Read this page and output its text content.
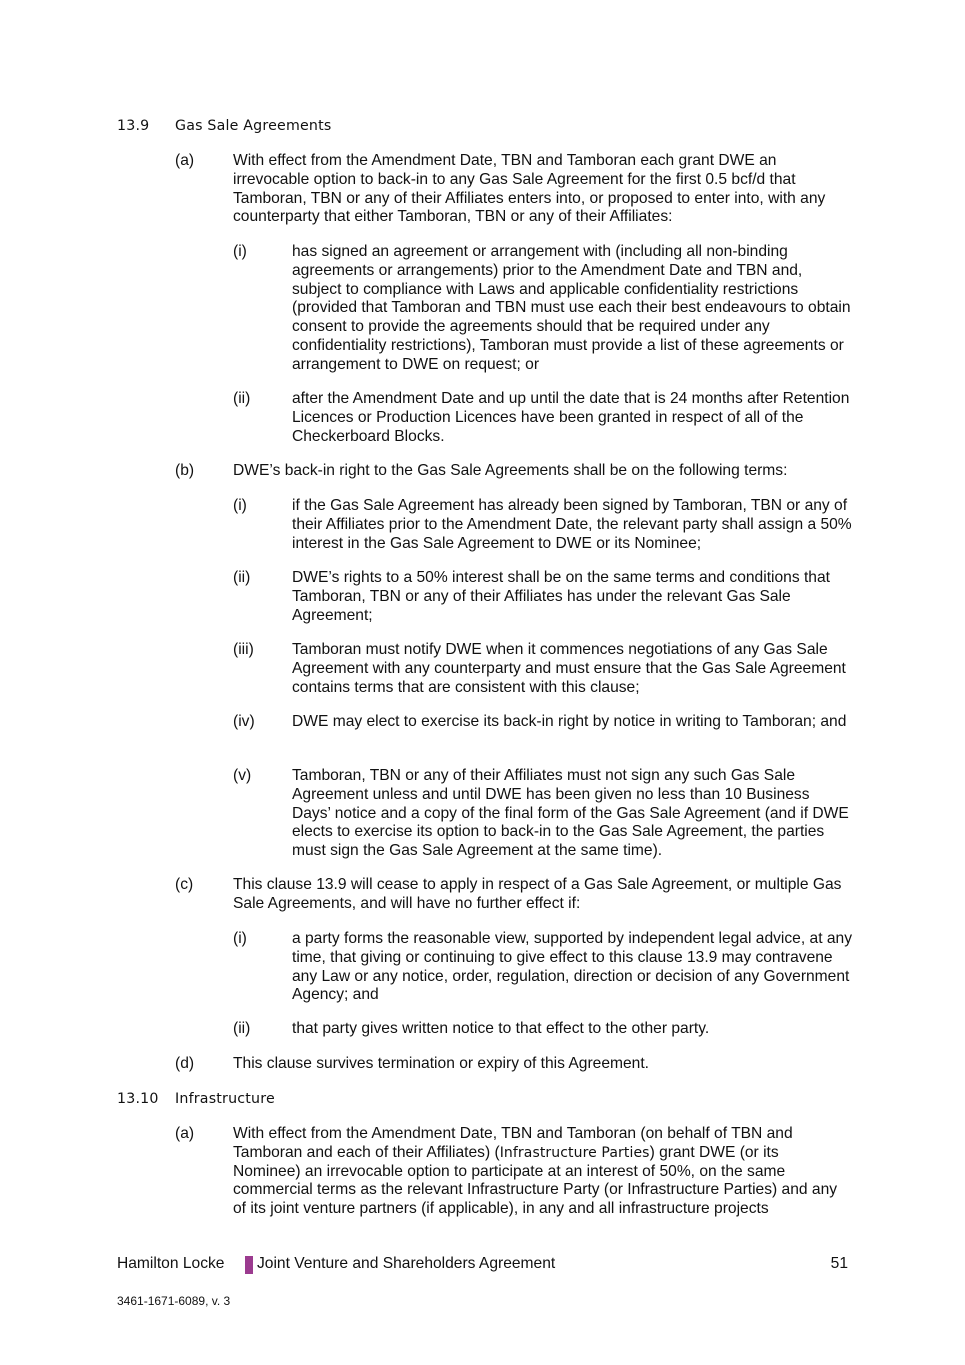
13.9 Gas Sale Agreements
(a) With effect from the Amendment Date, TBN and Tamboran each grant DWE an irrevocable option to back-in to any Gas Sale Agreement for the first 0.5 bcf/d that Tamboran, TBN or any of their Affiliates enters into, or proposed to enter into, with any counterparty that either Tamboran, TBN or any of their Affiliates:
(i)	has signed an agreement or arrangement with (including all non-binding agreements or arrangements) prior to the Amendment Date and TBN and, subject to compliance with Laws and applicable confidentiality restrictions (provided that Tamboran and TBN must use each their best endeavours to obtain consent to provide the agreements should that be required under any confidentiality restrictions), Tamboran must provide a list of these agreements or arrangement to DWE on request; or
(ii)	after the Amendment Date and up until the date that is 24 months after Retention Licences or Production Licences have been granted in respect of all of the Checkerboard Blocks.
(b) DWE’s back-in right to the Gas Sale Agreements shall be on the following terms:
(i)	if the Gas Sale Agreement has already been signed by Tamboran, TBN or any of their Affiliates prior to the Amendment Date, the relevant party shall assign a 50% interest in the Gas Sale Agreement to DWE or its Nominee;
(ii)	DWE’s rights to a 50% interest shall be on the same terms and conditions that Tamboran, TBN or any of their Affiliates has under the relevant Gas Sale Agreement;
(iii) Tamboran must notify DWE when it commences negotiations of any Gas Sale Agreement with any counterparty and must ensure that the Gas Sale Agreement contains terms that are consistent with this clause;
(iv) DWE may elect to exercise its back-in right by notice in writing to Tamboran; and
(v)	Tamboran, TBN or any of their Affiliates must not sign any such Gas Sale Agreement unless and until DWE has been given no less than 10 Business Days’ notice and a copy of the final form of the Gas Sale Agreement (and if DWE elects to exercise its option to back-in to the Gas Sale Agreement, the parties must sign the Gas Sale Agreement at the same time).
(c)	This clause 13.9 will cease to apply in respect of a Gas Sale Agreement, or multiple Gas Sale Agreements, and will have no further effect if:
(i)	a party forms the reasonable view, supported by independent legal advice, at any time, that giving or continuing to give effect to this clause 13.9 may contravene any Law or any notice, order, regulation, direction or decision of any Government Agency; and
(ii)	that party gives written notice to that effect to the other party.
(d) This clause survives termination or expiry of this Agreement.
13.10 Infrastructure
(a) With effect from the Amendment Date, TBN and Tamboran (on behalf of TBN and Tamboran and each of their Affiliates) (Infrastructure Parties) grant DWE (or its Nominee) an irrevocable option to participate at an interest of 50%, on the same commercial terms as the relevant Infrastructure Party (or Infrastructure Parties) and any of its joint venture partners (if applicable), in any and all infrastructure projects
Hamilton Locke Joint Venture and Shareholders Agreement	51
3461-1671-6089, v. 3
